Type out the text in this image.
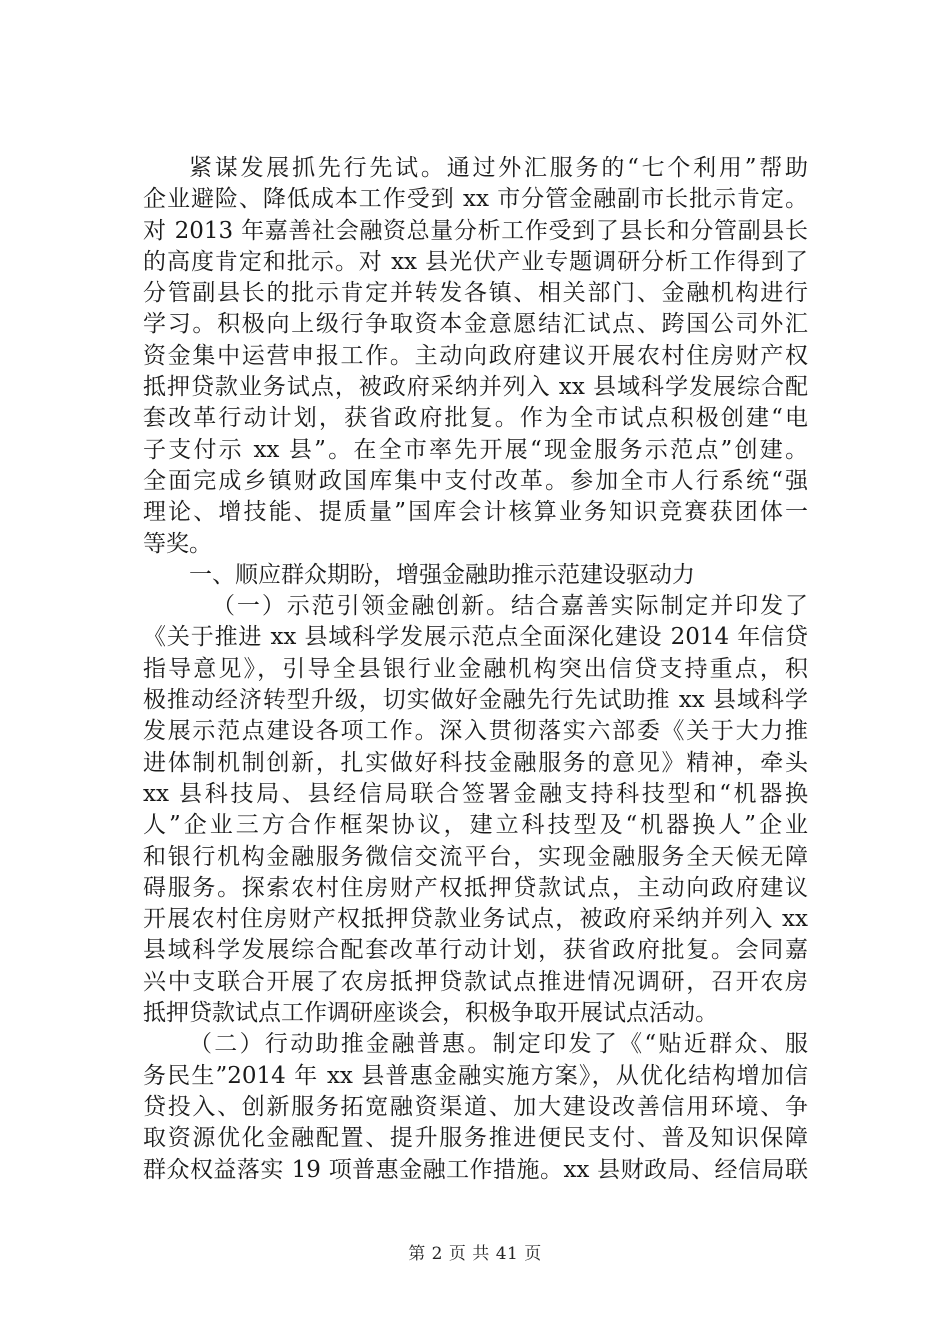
紧谋发展抓先行先试。通过外汇服务的“七个利用”帮助
企业避险、降低成本工作受到 xx 市分管金融副市长批示肯定。
对 2013 年嘉善社会融资总量分析工作受到了县长和分管副县长
的高度肯定和批示。对 xx 县光伏产业专题调研分析工作得到了
分管副县长的批示肯定并转发各镇、相关部门、金融机构进行
学习。积极向上级行争取资本金意愿结汇试点、跨国公司外汇
资金集中运营申报工作。主动向政府建议开展农村住房财产权
抵押贷款业务试点，被政府采纳并列入 xx 县域科学发展综合配
套改革行动计划，获省政府批复。作为全市试点积极创建“电
子支付示 xx 县”。在全市率先开展“现金服务示范点”创建。
全面完成乡镇财政国库集中支付改革。参加全市人行系统“强
理论、增技能、提质量”国库会计核算业务知识竞赛获团体一
等奖。
一、顺应群众期盼，增强金融助推示范建设驱动力
（一）示范引领金融创新。结合嘉善实际制定并印发了
《关于推进 xx 县域科学发展示范点全面深化建设 2014 年信贷
指导意见》，引导全县银行业金融机构突出信贷支持重点，积
极推动经济转型升级，切实做好金融先行先试助推 xx 县域科学
发展示范点建设各项工作。深入贯彻落实六部委《关于大力推
进体制机制创新，扎实做好科技金融服务的意见》精神，牵头
xx 县科技局、县经信局联合签署金融支持科技型和“机器换
人”企业三方合作框架协议，建立科技型及“机器换人”企业
和银行机构金融服务微信交流平台，实现金融服务全天候无障
碍服务。探索农村住房财产权抵押贷款试点，主动向政府建议
开展农村住房财产权抵押贷款业务试点，被政府采纳并列入 xx
县域科学发展综合配套改革行动计划，获省政府批复。会同嘉
兴中支联合开展了农房抵押贷款试点推进情况调研，召开农房
抵押贷款试点工作调研座谈会，积极争取开展试点活动。
（二）行动助推金融普惠。制定印发了《“贴近群众、服
务民生”2014 年 xx 县普惠金融实施方案》，从优化结构增加信
贷投入、创新服务拓宽融资渠道、加大建设改善信用环境、争
取资源优化金融配置、提升服务推进便民支付、普及知识保障
群众权益落实 19 项普惠金融工作措施。xx 县财政局、经信局联
第 2 页 共 41 页
